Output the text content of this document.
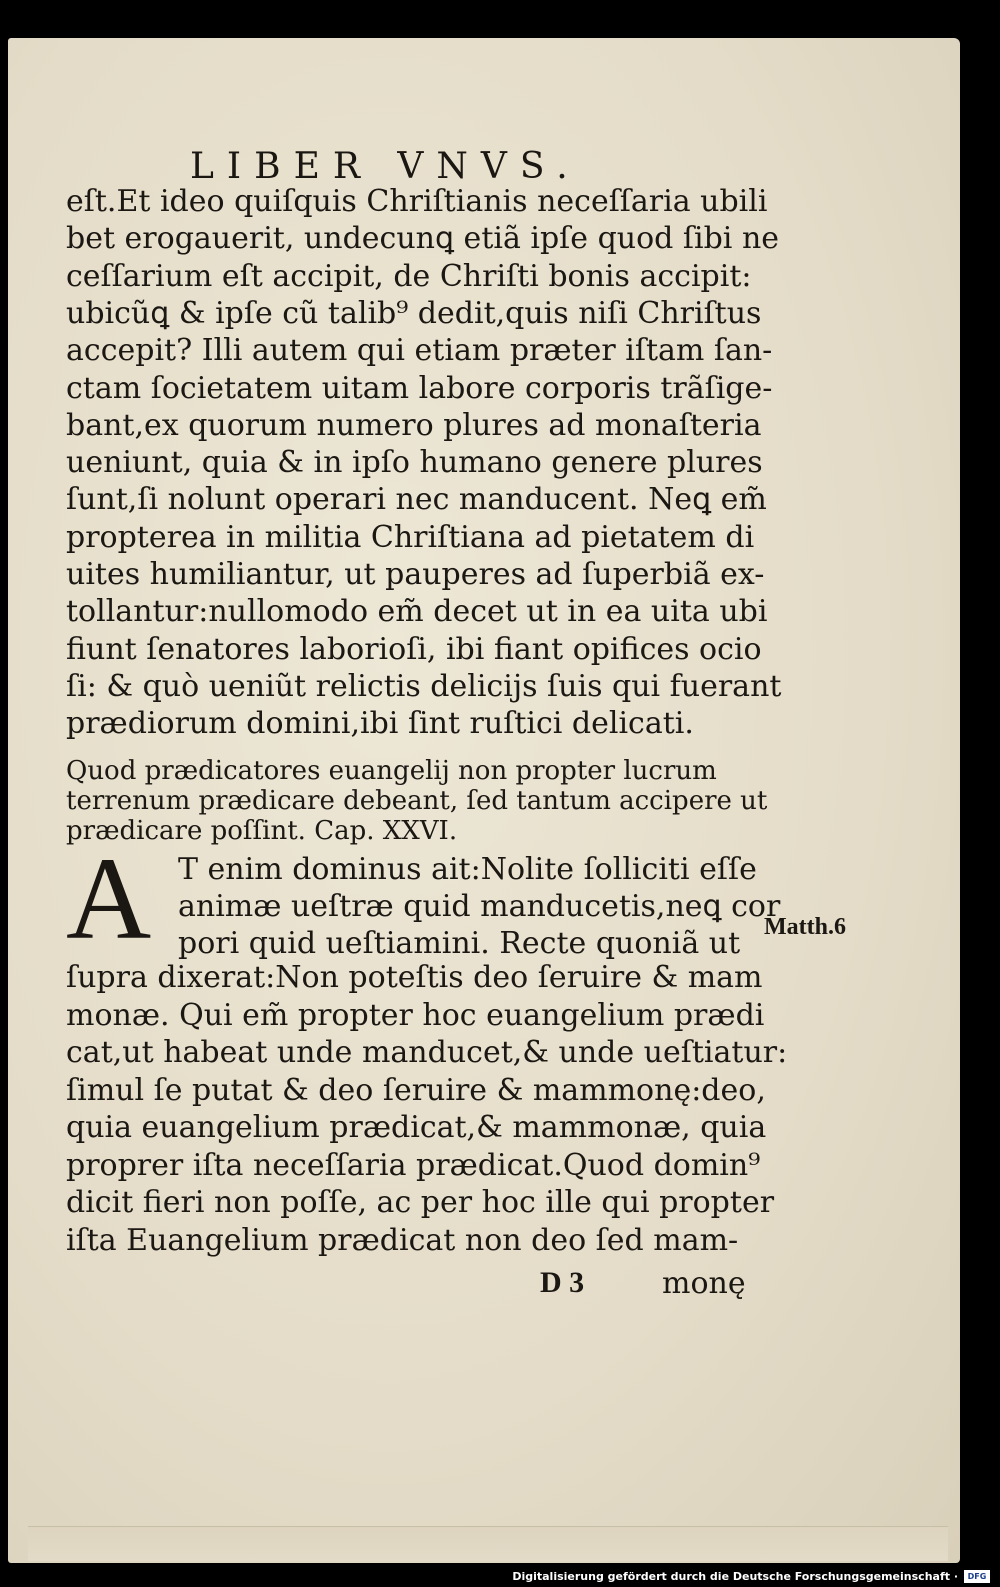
LIBER VNVS.
eſt.Et ideo quiſquis Chriſtianis neceſſaria ubili
bet erogauerit, undecunꝗ etiã ipſe quod ſibi ne
ceſſarium eſt accipit, de Chriſti bonis accipit:
ubicũꝗ & ipſe cũ talib⁹ dedit,quis niſi Chriſtus
accepit? Illi autem qui etiam præter iſtam ſan-
ctam ſocietatem uitam labore corporis trãſige-
bant,ex quorum numero plures ad monaſteria
ueniunt, quia & in ipſo humano genere plures
ſunt,ſi nolunt operari nec manducent. Neꝗ em̃
propterea in militia Chriſtiana ad pietatem di
uites humiliantur, ut pauperes ad ſuperbiã ex-
tollantur:nullomodo em̃ decet ut in ea uita ubi
fiunt ſenatores laborioſi, ibi fiant opifices ocio
ſi: & quò ueniũt relictis delicijs ſuis qui fuerant
prædiorum domini,ibi ſint ruſtici delicati.
Quod prædicatores euangelij non propter lucrum
terrenum prædicare debeant, ſed tantum accipere ut
prædicare poſſint. Cap. XXVI.
A T enim dominus ait:Nolite ſolliciti eſſe
animæ ueſtræ quid manducetis,neꝗ cor
pori quid ueſtiamini. Recte quoniã ut
ſupra dixerat:Non poteſtis deo ſeruire & mam
monæ. Qui em̃ propter hoc euangelium prædi
cat,ut habeat unde manducet,& unde ueſtiatur:
ſimul ſe putat & deo ſeruire & mammonę:deo,
quia euangelium prædicat,& mammonæ, quia
proprer iſta neceſſaria prædicat.Quod domin⁹
dicit fieri non poſſe, ac per hoc ille qui propter
iſta Euangelium prædicat non deo ſed mam-
Matth.6
D 3	monę
Digitalisierung gefördert durch die Deutsche Forschungsgemeinschaft ·	DFG
